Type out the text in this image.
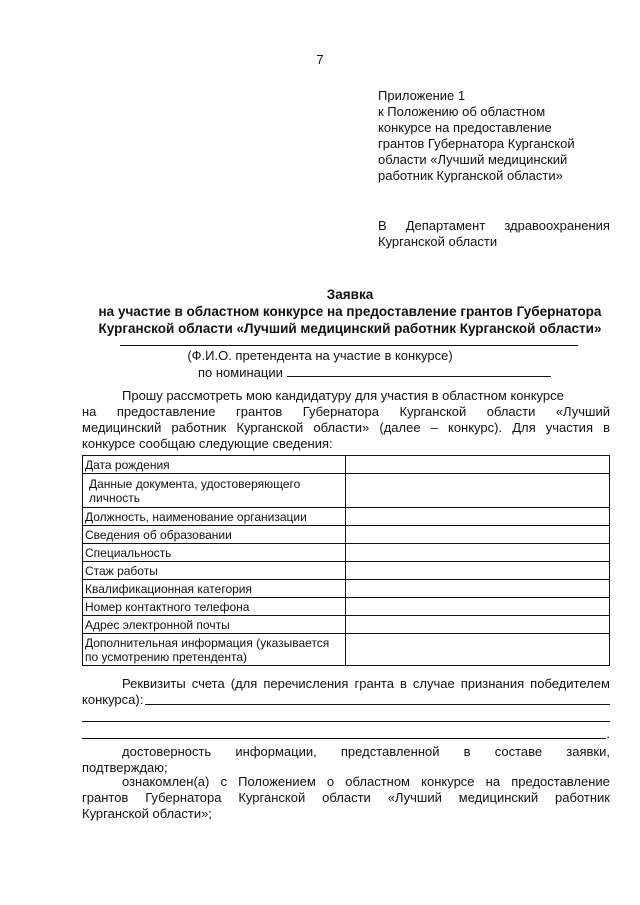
7
Приложение 1
к Положению об областном
конкурсе на предоставление
грантов Губернатора Курганской
области «Лучший медицинский
работник Курганской области»
В Департамент здравоохранения
Курганской области
Заявка
на участие в областном конкурсе на предоставление грантов Губернатора
Курганской области «Лучший медицинский работник Курганской области»
(Ф.И.О. претендента на участие в конкурсе)
по номинации
Прошу рассмотреть мою кандидатуру для участия в областном конкурсе
на предоставление грантов Губернатора Курганской области «Лучший
медицинский работник Курганской области» (далее – конкурс). Для участия в
конкурсе сообщаю следующие сведения:
Дата рождения	
Данные документа, удостоверяющего личность	
Должность, наименование организации	
Сведения об образовании	
Специальность	
Стаж работы	
Квалификационная категория	
Номер контактного телефона	
Адрес электронной почты	
Дополнительная информация (указывается по усмотрению претендента)	
Реквизиты счета (для перечисления гранта в случае признания победителем
конкурса):
.
достоверность информации, представленной в составе заявки,
подтверждаю;
ознакомлен(а) с Положением о областном конкурсе на предоставление
грантов Губернатора Курганской области «Лучший медицинский работник
Курганской области»;
